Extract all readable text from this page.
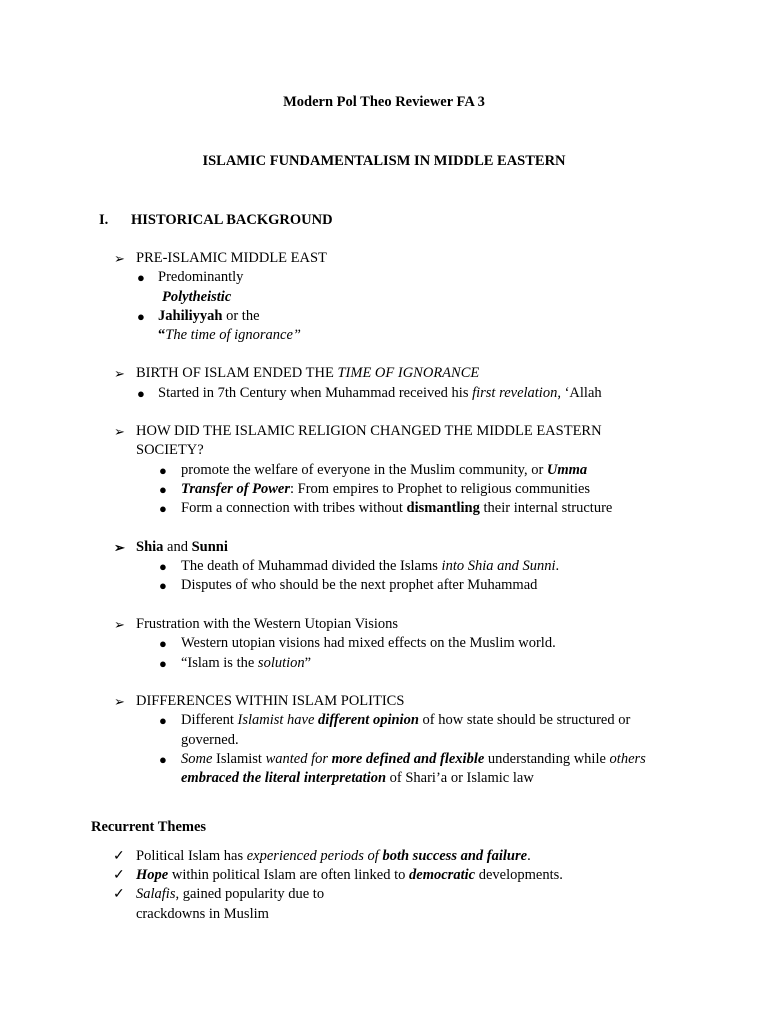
Modern Pol Theo Reviewer FA 3
ISLAMIC FUNDAMENTALISM IN MIDDLE EASTERN
I. HISTORICAL BACKGROUND
➢ PRE-ISLAMIC MIDDLE EAST
● Predominantly
Polytheistic
● Jahiliyyah or the
“The time of ignorance”
➢ BIRTH OF ISLAM ENDED THE TIME OF IGNORANCE
● Started in 7th Century when Muhammad received his first revelation, ‘Allah
➢ HOW DID THE ISLAMIC RELIGION CHANGED THE MIDDLE EASTERN
SOCIETY?
● promote the welfare of everyone in the Muslim community, or Umma
● Transfer of Power: From empires to Prophet to religious communities
● Form a connection with tribes without dismantling their internal structure
➢ Shia and Sunni
● The death of Muhammad divided the Islams into Shia and Sunni.
● Disputes of who should be the next prophet after Muhammad
➢ Frustration with the Western Utopian Visions
● Western utopian visions had mixed effects on the Muslim world.
● “Islam is the solution”
➢ DIFFERENCES WITHIN ISLAM POLITICS
● Different Islamist have different opinion of how state should be structured or
governed.
● Some Islamist wanted for more defined and flexible understanding while others
embraced the literal interpretation of Shari’a or Islamic law
Recurrent Themes
✓ Political Islam has experienced periods of both success and failure.
✓ Hope within political Islam are often linked to democratic developments.
✓ Salafis, gained popularity due to
crackdowns in Muslim
